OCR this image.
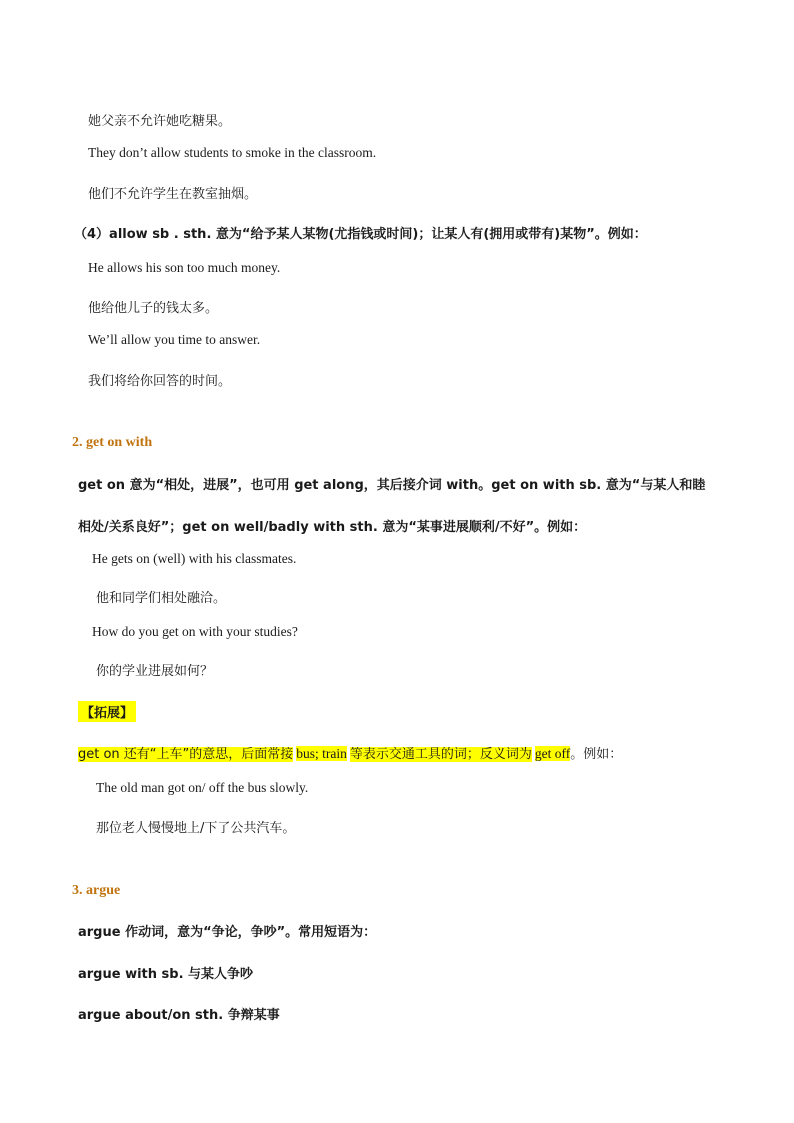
她父亲不允许她吃糖果。
They don’t allow students to smoke in the classroom.
他们不允许学生在教室抽烟。
（4）allow sb . sth. 意为“给予某人某物(尤指钱或时间)；让某人有(拥用或带有)某物”。例如：
He allows his son too much money.
他给他儿子的钱太多。
We’ll allow you time to answer.
我们将给你回答的时间。
2. get on with
get on 意为“相处，进展”，也可用 get along，其后接介词 with。get on with sb. 意为“与某人和睦
相处/关系良好”；get on well/badly with sth. 意为“某事进展顺利/不好”。例如：
He gets on (well) with his classmates.
他和同学们相处融洽。
How do you get on with your studies?
你的学业进展如何？
【拓展】
get on 还有“上车”的意思，后面常接 bus; train 等表示交通工具的词；反义词为 get off。例如：
The old man got on/ off the bus slowly.
那位老人慢慢地上/下了公共汽车。
3. argue
argue 作动词，意为“争论，争吵”。常用短语为：
argue with sb. 与某人争吵
argue about/on sth. 争辩某事
